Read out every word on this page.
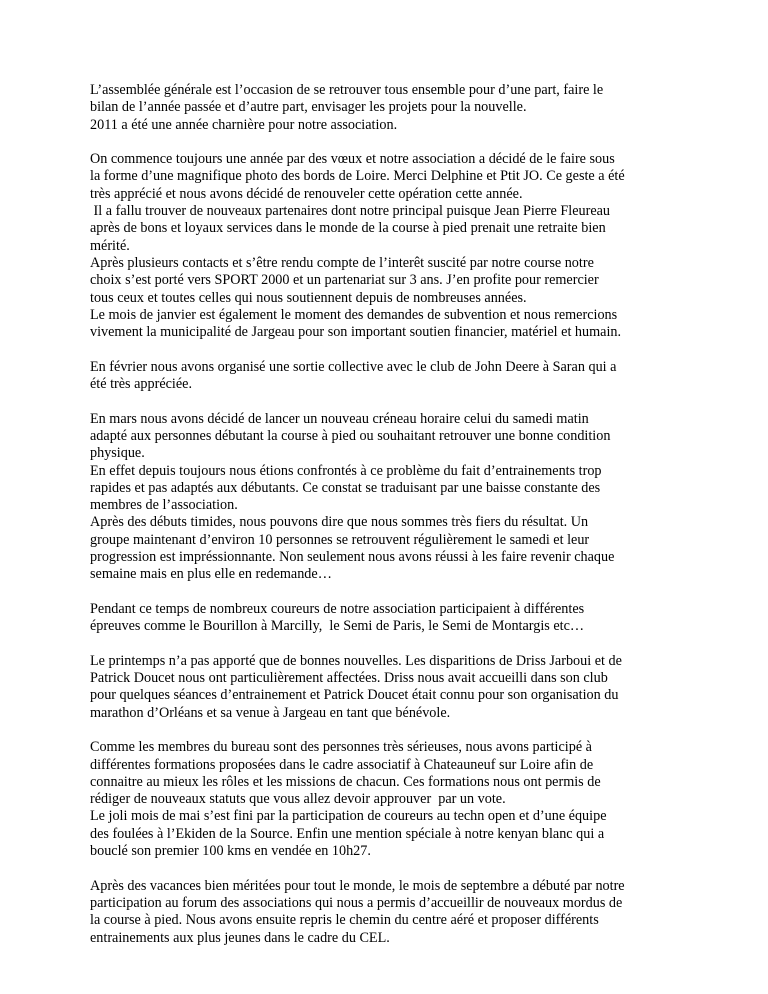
L’assemblée générale est l’occasion de se retrouver tous ensemble pour d’une part, faire le
bilan de l’année passée et d’autre part, envisager les projets pour la nouvelle.
2011 a été une année charnière pour notre association.

On commence toujours une année par des vœux et notre association a décidé de le faire sous
la forme d’une magnifique photo des bords de Loire. Merci Delphine et Ptit JO. Ce geste a été
très apprécié et nous avons décidé de renouveler cette opération cette année.
Il a fallu trouver de nouveaux partenaires dont notre principal puisque Jean Pierre Fleureau
après de bons et loyaux services dans le monde de la course à pied prenait une retraite bien
mérité.
Après plusieurs contacts et s’être rendu compte de l’interêt suscité par notre course notre
choix s’est porté vers SPORT 2000 et un partenariat sur 3 ans. J’en profite pour remercier
tous ceux et toutes celles qui nous soutiennent depuis de nombreuses années.
Le mois de janvier est également le moment des demandes de subvention et nous remercions
vivement la municipalité de Jargeau pour son important soutien financier, matériel et humain.

En février nous avons organisé une sortie collective avec le club de John Deere à Saran qui a
été très appréciée.

En mars nous avons décidé de lancer un nouveau créneau horaire celui du samedi matin
adapté aux personnes débutant la course à pied ou souhaitant retrouver une bonne condition
physique.
En effet depuis toujours nous étions confrontés à ce problème du fait d’entrainements trop
rapides et pas adaptés aux débutants. Ce constat se traduisant par une baisse constante des
membres de l’association.
Après des débuts timides, nous pouvons dire que nous sommes très fiers du résultat. Un
groupe maintenant d’environ 10 personnes se retrouvent régulièrement le samedi et leur
progression est impréssionnante. Non seulement nous avons réussi à les faire revenir chaque
semaine mais en plus elle en redemande…

Pendant ce temps de nombreux coureurs de notre association participaient à différentes
épreuves comme le Bourillon à Marcilly,  le Semi de Paris, le Semi de Montargis etc…

Le printemps n’a pas apporté que de bonnes nouvelles. Les disparitions de Driss Jarboui et de
Patrick Doucet nous ont particulièrement affectées. Driss nous avait accueilli dans son club
pour quelques séances d’entrainement et Patrick Doucet était connu pour son organisation du
marathon d’Orléans et sa venue à Jargeau en tant que bénévole.

Comme les membres du bureau sont des personnes très sérieuses, nous avons participé à
différentes formations proposées dans le cadre associatif à Chateauneuf sur Loire afin de
connaitre au mieux les rôles et les missions de chacun. Ces formations nous ont permis de
rédiger de nouveaux statuts que vous allez devoir approuver  par un vote.
Le joli mois de mai s’est fini par la participation de coureurs au techn open et d’une équipe
des foulées à l’Ekiden de la Source. Enfin une mention spéciale à notre kenyan blanc qui a
bouclé son premier 100 kms en vendée en 10h27.

Après des vacances bien méritées pour tout le monde, le mois de septembre a débuté par notre
participation au forum des associations qui nous a permis d’accueillir de nouveaux mordus de
la course à pied. Nous avons ensuite repris le chemin du centre aéré et proposer différents
entrainements aux plus jeunes dans le cadre du CEL.
